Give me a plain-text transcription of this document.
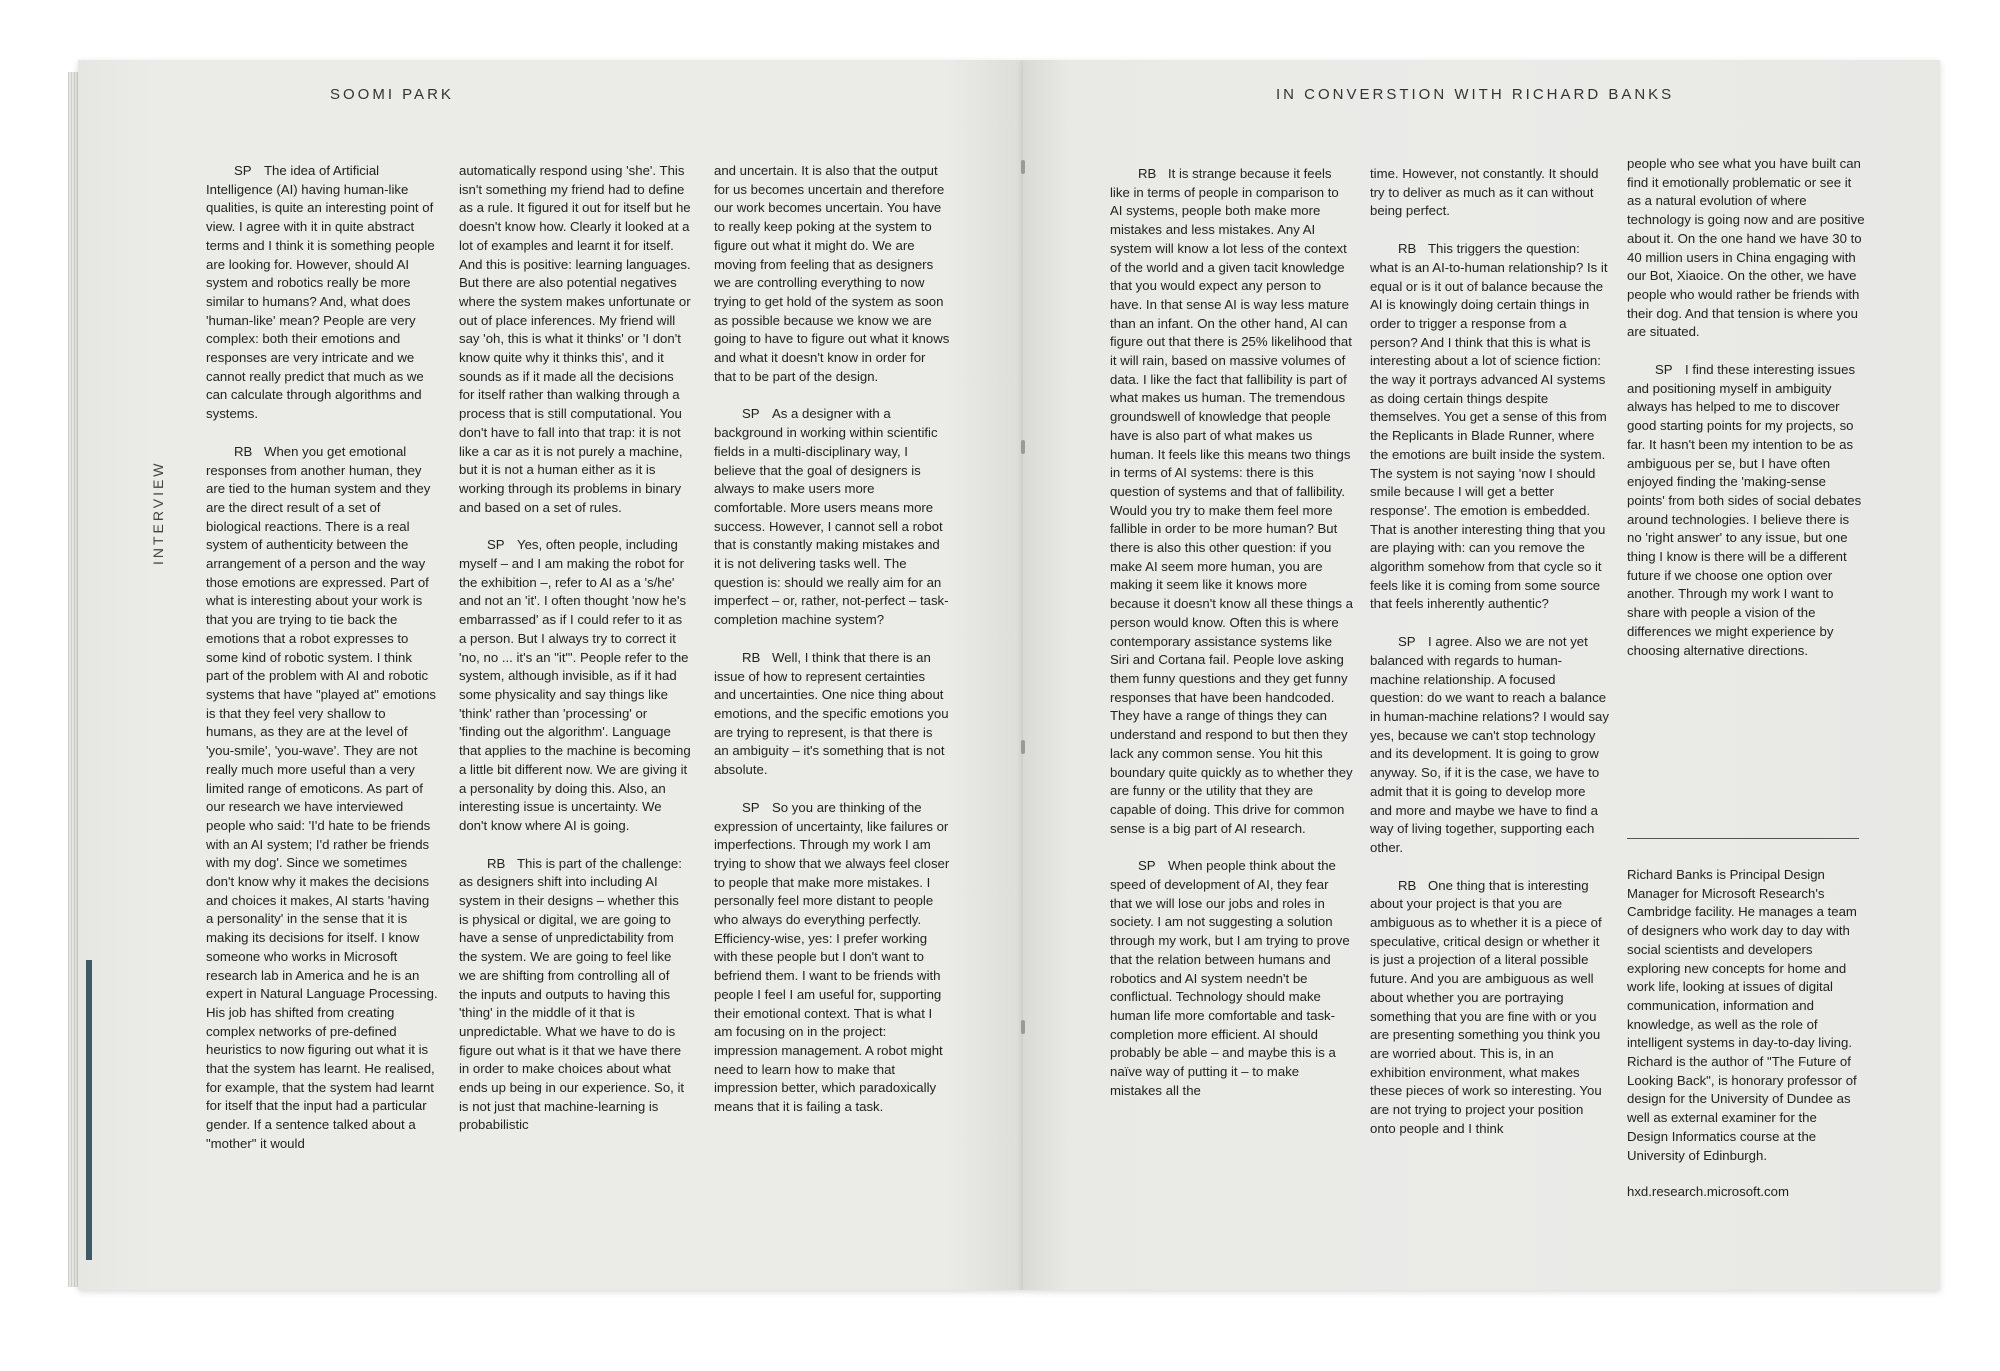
SOOMI PARK
INTERVIEW
IN CONVERSTION WITH RICHARD BANKS

SP The idea of Artificial Intelligence (AI) having human-like qualities, is quite an interesting point of view. I agree with it in quite abstract terms and I think it is something people are looking for. However, should AI system and robotics really be more similar to humans? And, what does 'human-like' mean? People are very complex: both their emotions and responses are very intricate and we cannot really predict that much as we can calculate through algorithms and systems.

RB When you get emotional responses from another human, they are tied to the human system and they are the direct result of a set of biological reactions. There is a real system of authenticity between the arrangement of a person and the way those emotions are expressed. Part of what is interesting about your work is that you are trying to tie back the emotions that a robot expresses to some kind of robotic system. I think part of the problem with AI and robotic systems that have "played at" emotions is that they feel very shallow to humans, as they are at the level of 'you-smile', 'you-wave'. They are not really much more useful than a very limited range of emoticons. As part of our research we have interviewed people who said: 'I'd hate to be friends with an AI system; I'd rather be friends with my dog'. Since we sometimes don't know why it makes the decisions and choices it makes, AI starts 'having a personality' in the sense that it is making its decisions for itself. I know someone who works in Microsoft research lab in America and he is an expert in Natural Language Processing. His job has shifted from creating complex networks of pre-defined heuristics to now figuring out what it is that the system has learnt. He realised, for example, that the system had learnt for itself that the input had a particular gender. If a sentence talked about a "mother" it would

automatically respond using 'she'. This isn't something my friend had to define as a rule. It figured it out for itself but he doesn't know how. Clearly it looked at a lot of examples and learnt it for itself. And this is positive: learning languages. But there are also potential negatives where the system makes unfortunate or out of place inferences. My friend will say 'oh, this is what it thinks' or 'I don't know quite why it thinks this', and it sounds as if it made all the decisions for itself rather than walking through a process that is still computational. You don't have to fall into that trap: it is not like a car as it is not purely a machine, but it is not a human either as it is working through its problems in binary and based on a set of rules.

SP Yes, often people, including myself – and I am making the robot for the exhibition –, refer to AI as a 's/he' and not an 'it'. I often thought 'now he's embarrassed' as if I could refer to it as a person. But I always try to correct it 'no, no ... it's an "it"'. People refer to the system, although invisible, as if it had some physicality and say things like 'think' rather than 'processing' or 'finding out the algorithm'. Language that applies to the machine is becoming a little bit different now. We are giving it a personality by doing this. Also, an interesting issue is uncertainty. We don't know where AI is going.

RB This is part of the challenge: as designers shift into including AI system in their designs – whether this is physical or digital, we are going to have a sense of unpredictability from the system. We are going to feel like we are shifting from controlling all of the inputs and outputs to having this 'thing' in the middle of it that is unpredictable. What we have to do is figure out what is it that we have there in order to make choices about what ends up being in our experience. So, it is not just that machine-learning is probabilistic

and uncertain. It is also that the output for us becomes uncertain and therefore our work becomes uncertain. You have to really keep poking at the system to figure out what it might do. We are moving from feeling that as designers we are controlling everything to now trying to get hold of the system as soon as possible because we know we are going to have to figure out what it knows and what it doesn't know in order for that to be part of the design.

SP As a designer with a background in working within scientific fields in a multi-disciplinary way, I believe that the goal of designers is always to make users more comfortable. More users means more success. However, I cannot sell a robot that is constantly making mistakes and it is not delivering tasks well. The question is: should we really aim for an imperfect – or, rather, not-perfect – task-completion machine system?

RB Well, I think that there is an issue of how to represent certainties and uncertainties. One nice thing about emotions, and the specific emotions you are trying to represent, is that there is an ambiguity – it's something that is not absolute.

SP So you are thinking of the expression of uncertainty, like failures or imperfections. Through my work I am trying to show that we always feel closer to people that make more mistakes. I personally feel more distant to people who always do everything perfectly. Efficiency-wise, yes: I prefer working with these people but I don't want to befriend them. I want to be friends with people I feel I am useful for, supporting their emotional context. That is what I am focusing on in the project: impression management. A robot might need to learn how to make that impression better, which paradoxically means that it is failing a task.

RB It is strange because it feels like in terms of people in comparison to AI systems, people both make more mistakes and less mistakes. Any AI system will know a lot less of the context of the world and a given tacit knowledge that you would expect any person to have. In that sense AI is way less mature than an infant. On the other hand, AI can figure out that there is 25% likelihood that it will rain, based on massive volumes of data. I like the fact that fallibility is part of what makes us human. The tremendous groundswell of knowledge that people have is also part of what makes us human. It feels like this means two things in terms of AI systems: there is this question of systems and that of fallibility. Would you try to make them feel more fallible in order to be more human? But there is also this other question: if you make AI seem more human, you are making it seem like it knows more because it doesn't know all these things a person would know. Often this is where contemporary assistance systems like Siri and Cortana fail. People love asking them funny questions and they get funny responses that have been handcoded. They have a range of things they can understand and respond to but then they lack any common sense. You hit this boundary quite quickly as to whether they are funny or the utility that they are capable of doing. This drive for common sense is a big part of AI research.

SP When people think about the speed of development of AI, they fear that we will lose our jobs and roles in society. I am not suggesting a solution through my work, but I am trying to prove that the relation between humans and robotics and AI system needn't be conflictual. Technology should make human life more comfortable and task-completion more efficient. AI should probably be able – and maybe this is a naïve way of putting it – to make mistakes all the

time. However, not constantly. It should try to deliver as much as it can without being perfect.

RB This triggers the question: what is an AI-to-human relationship? Is it equal or is it out of balance because the AI is knowingly doing certain things in order to trigger a response from a person? And I think that this is what is interesting about a lot of science fiction: the way it portrays advanced AI systems as doing certain things despite themselves. You get a sense of this from the Replicants in Blade Runner, where the emotions are built inside the system. The system is not saying 'now I should smile because I will get a better response'. The emotion is embedded. That is another interesting thing that you are playing with: can you remove the algorithm somehow from that cycle so it feels like it is coming from some source that feels inherently authentic?

SP I agree. Also we are not yet balanced with regards to human-machine relationship. A focused question: do we want to reach a balance in human-machine relations? I would say yes, because we can't stop technology and its development. It is going to grow anyway. So, if it is the case, we have to admit that it is going to develop more and more and maybe we have to find a way of living together, supporting each other.

RB One thing that is interesting about your project is that you are ambiguous as to whether it is a piece of speculative, critical design or whether it is just a projection of a literal possible future. And you are ambiguous as well about whether you are portraying something that you are fine with or you are presenting something you think you are worried about. This is, in an exhibition environment, what makes these pieces of work so interesting. You are not trying to project your position onto people and I think

people who see what you have built can find it emotionally problematic or see it as a natural evolution of where technology is going now and are positive about it. On the one hand we have 30 to 40 million users in China engaging with our Bot, Xiaoice. On the other, we have people who would rather be friends with their dog. And that tension is where you are situated.

SP I find these interesting issues and positioning myself in ambiguity always has helped to me to discover good starting points for my projects, so far. It hasn't been my intention to be as ambiguous per se, but I have often enjoyed finding the 'making-sense points' from both sides of social debates around technologies. I believe there is no 'right answer' to any issue, but one thing I know is there will be a different future if we choose one option over another. Through my work I want to share with people a vision of the differences we might experience by choosing alternative directions.

Richard Banks is Principal Design Manager for Microsoft Research's Cambridge facility. He manages a team of designers who work day to day with social scientists and developers exploring new concepts for home and work life, looking at issues of digital communication, information and knowledge, as well as the role of intelligent systems in day-to-day living. Richard is the author of "The Future of Looking Back", is honorary professor of design for the University of Dundee as well as external examiner for the Design Informatics course at the University of Edinburgh.

hxd.research.microsoft.com
